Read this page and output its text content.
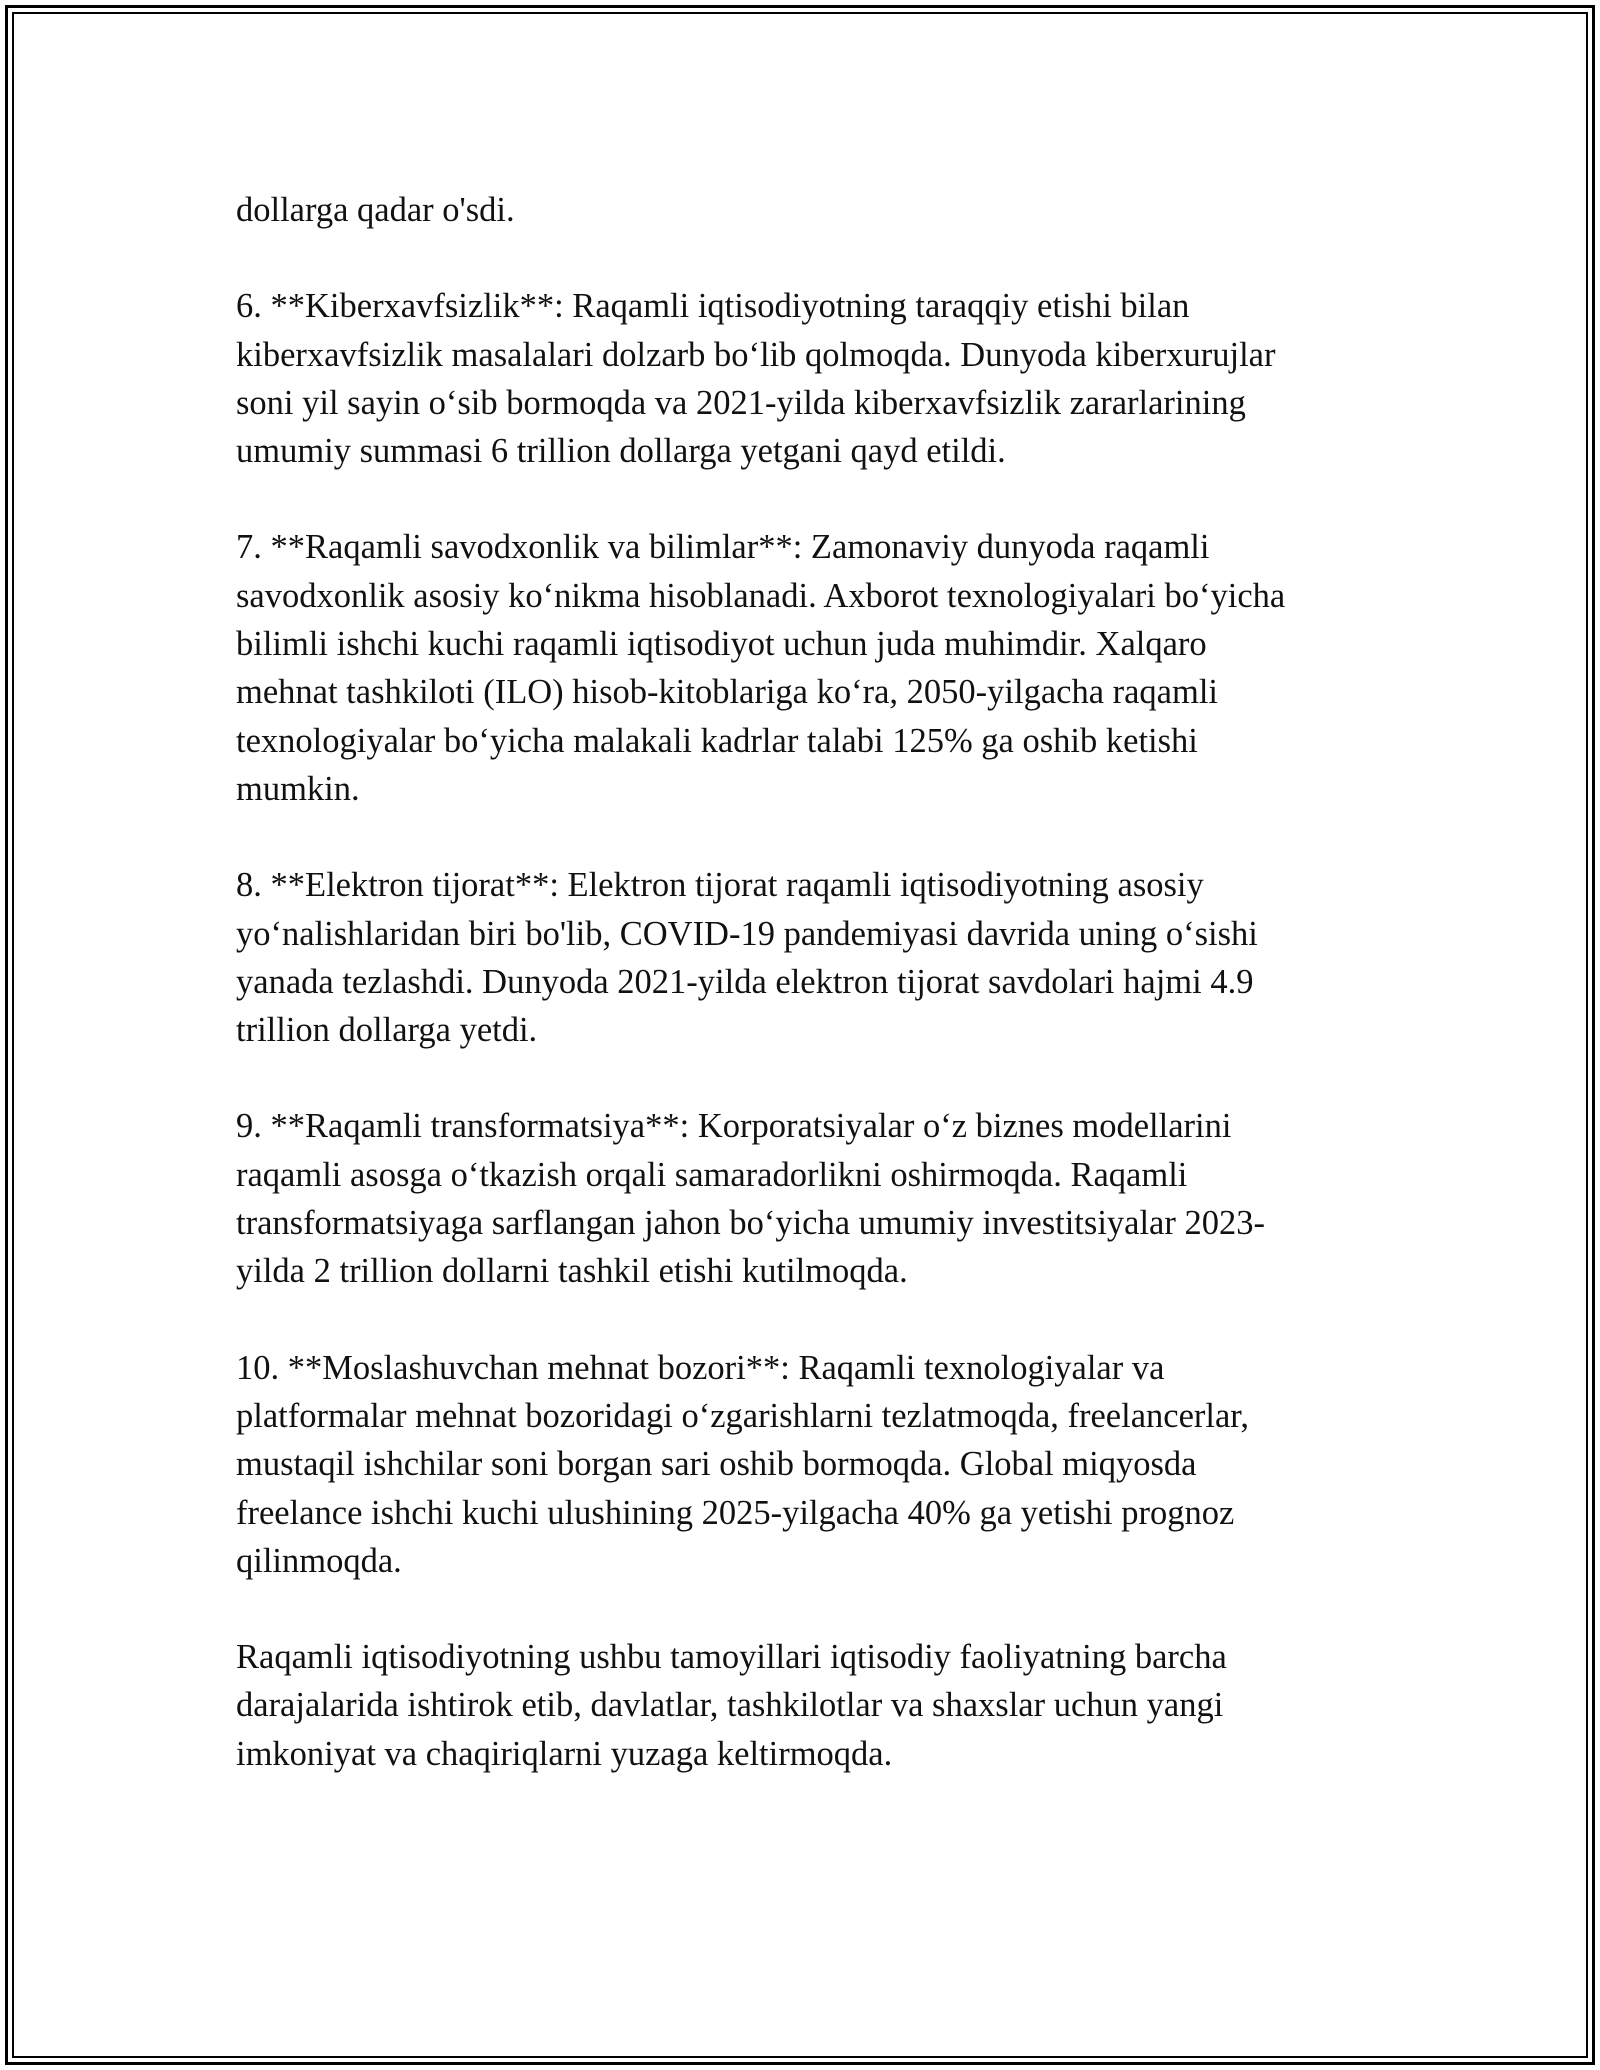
dollarga qadar o'sdi.

6. **Kiberxavfsizlik**: Raqamli iqtisodiyotning taraqqiy etishi bilan
kiberxavfsizlik masalalari dolzarb bo‘lib qolmoqda. Dunyoda kiberxurujlar
soni yil sayin o‘sib bormoqda va 2021-yilda kiberxavfsizlik zararlarining
umumiy summasi 6 trillion dollarga yetgani qayd etildi.

7. **Raqamli savodxonlik va bilimlar**: Zamonaviy dunyoda raqamli
savodxonlik asosiy ko‘nikma hisoblanadi. Axborot texnologiyalari bo‘yicha
bilimli ishchi kuchi raqamli iqtisodiyot uchun juda muhimdir. Xalqaro
mehnat tashkiloti (ILO) hisob-kitoblariga ko‘ra, 2050-yilgacha raqamli
texnologiyalar bo‘yicha malakali kadrlar talabi 125% ga oshib ketishi
mumkin.

8. **Elektron tijorat**: Elektron tijorat raqamli iqtisodiyotning asosiy
yo‘nalishlaridan biri bo'lib, COVID-19 pandemiyasi davrida uning o‘sishi
yanada tezlashdi. Dunyoda 2021-yilda elektron tijorat savdolari hajmi 4.9
trillion dollarga yetdi.

9. **Raqamli transformatsiya**: Korporatsiyalar o‘z biznes modellarini
raqamli asosga o‘tkazish orqali samaradorlikni oshirmoqda. Raqamli
transformatsiyaga sarflangan jahon bo‘yicha umumiy investitsiyalar 2023-
yilda 2 trillion dollarni tashkil etishi kutilmoqda.

10. **Moslashuvchan mehnat bozori**: Raqamli texnologiyalar va
platformalar mehnat bozoridagi o‘zgarishlarni tezlatmoqda, freelancerlar,
mustaqil ishchilar soni borgan sari oshib bormoqda. Global miqyosda
freelance ishchi kuchi ulushining 2025-yilgacha 40% ga yetishi prognoz
qilinmoqda.

Raqamli iqtisodiyotning ushbu tamoyillari iqtisodiy faoliyatning barcha
darajalarida ishtirok etib, davlatlar, tashkilotlar va shaxslar uchun yangi
imkoniyat va chaqiriqlarni yuzaga keltirmoqda.
